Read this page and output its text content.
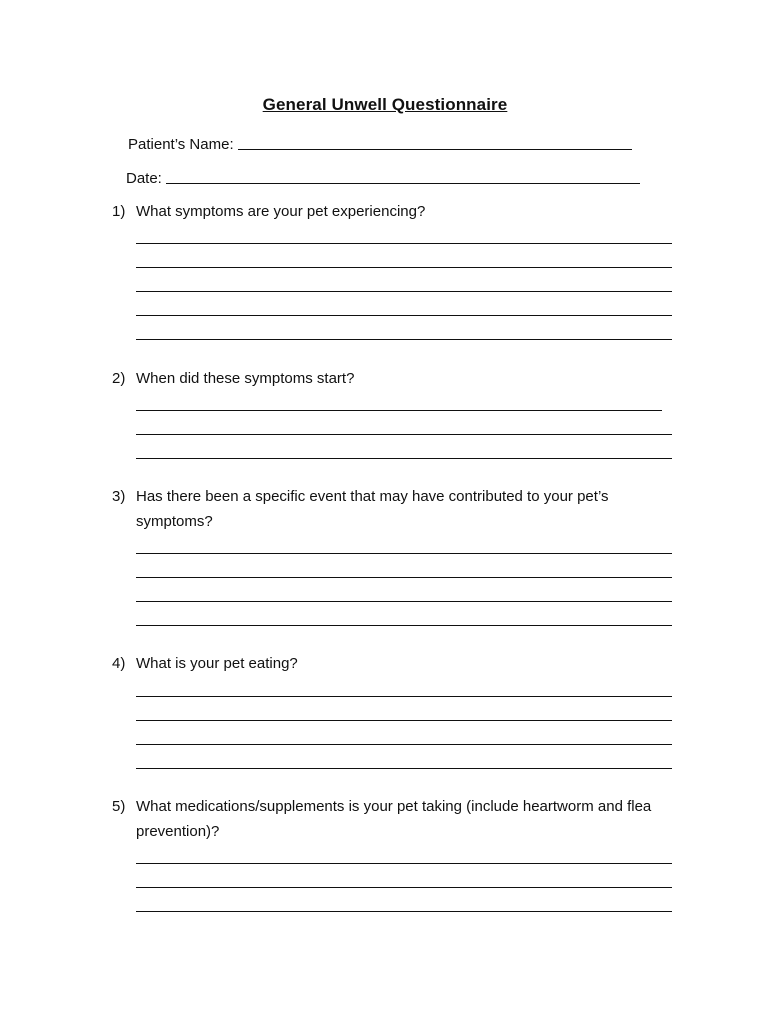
General Unwell Questionnaire
Patient’s Name:
Date:
1) What symptoms are your pet experiencing?
2) When did these symptoms start?
3) Has there been a specific event that may have contributed to your pet’s symptoms?
4) What is your pet eating?
5) What medications/supplements is your pet taking (include heartworm and flea prevention)?
